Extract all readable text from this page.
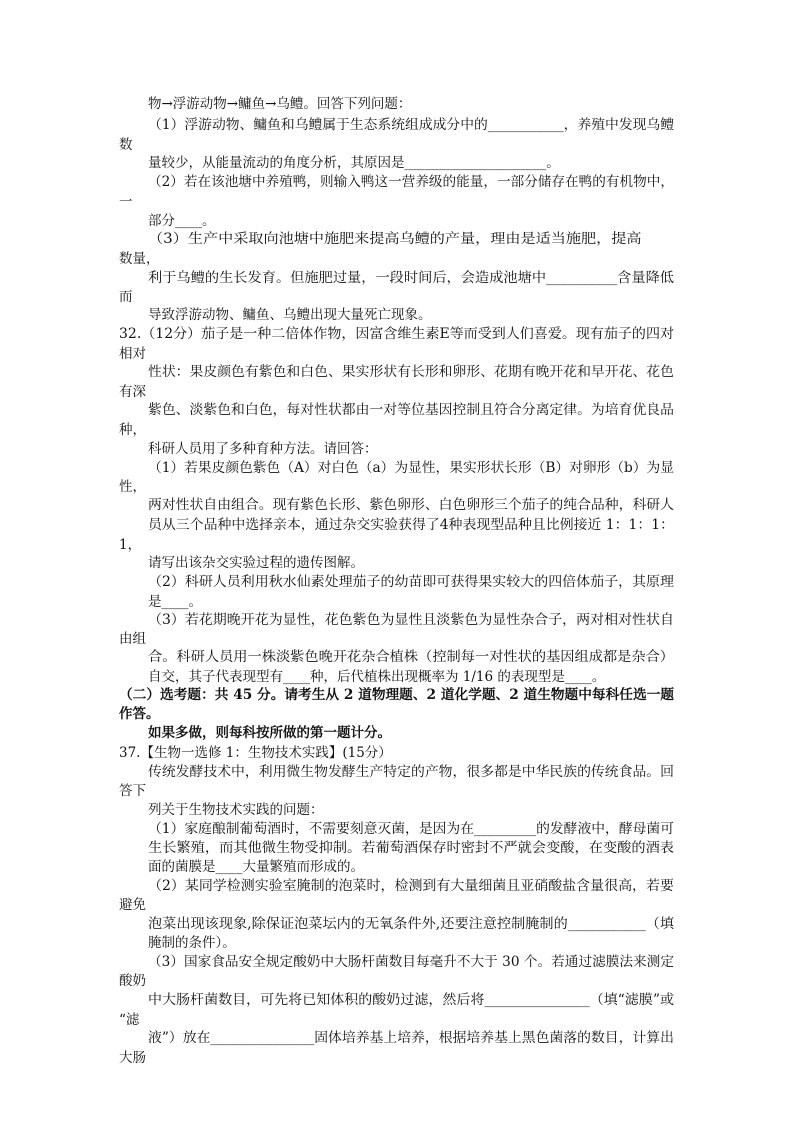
物→浮游动物→鳙鱼→乌鳢。回答下列问题：
（1）浮游动物、鳙鱼和乌鳢属于生态系统组成成分中的___________，养殖中发现乌鳢
数
量较少，从能量流动的角度分析，其原因是_____________________。
（2）若在该池塘中养殖鸭，则输入鸭这一营养级的能量，一部分储存在鸭的有机物中，
一
部分____。
（3）生产中采取向池塘中施肥来提高乌鳢的产量，理由是适当施肥，提高
数量，
利于乌鳢的生长发育。但施肥过量，一段时间后，会造成池塘中__________含量降低
而
导致浮游动物、鳙鱼、乌鳢出现大量死亡现象。
32.（12分）茄子是一种二倍体作物，因富含维生素E等而受到人们喜爱。现有茄子的四对
相对
性状：果皮颜色有紫色和白色、果实形状有长形和卵形、花期有晚开花和早开花、花色
有深
紫色、淡紫色和白色，每对性状都由一对等位基因控制且符合分离定律。为培育优良品
种，
科研人员用了多种育种方法。请回答：
（1）若果皮颜色紫色（A）对白色（a）为显性，果实形状长形（B）对卵形（b）为显
性，
两对性状自由组合。现有紫色长形、紫色卵形、白色卵形三个茄子的纯合品种，科研人
员从三个品种中选择亲本，通过杂交实验获得了4种表现型品种且比例接近 1：1：1：
1，
请写出该杂交实验过程的遗传图解。
（2）科研人员利用秋水仙素处理茄子的幼苗即可获得果实较大的四倍体茄子，其原理
是____。
（3）若花期晚开花为显性，花色紫色为显性且淡紫色为显性杂合子，两对相对性状自
由组
合。科研人员用一株淡紫色晚开花杂合植株（控制每一对性状的基因组成都是杂合）
自交，其子代表现型有____种，后代植株出现概率为 1/16 的表现型是____。
（二）选考题：共 45 分。请考生从 2 道物理题、2 道化学题、2 道生物题中每科任选一题
作答。
如果多做，则每科按所做的第一题计分。
37.【生物一选修 1：生物技术实践】(15分）
传统发酵技术中，利用微生物发酵生产特定的产物，很多都是中华民族的传统食品。回
答下
列关于生物技术实践的问题：
（1）家庭酿制葡萄酒时，不需要刻意灭菌，是因为在_________的发酵液中，酵母菌可
生长繁殖，而其他微生物受抑制。若葡萄酒保存时密封不严就会变酸，在变酸的酒表
面的菌膜是____大量繁殖而形成的。
（2）某同学检测实验室腌制的泡菜时，检测到有大量细菌且亚硝酸盐含量很高，若要
避免
泡菜出现该现象,除保证泡菜坛内的无氧条件外,还要注意控制腌制的___________（填
腌制的条件）。
（3）国家食品安全规定酸奶中大肠杆菌数目每毫升不大于 30 个。若通过滤膜法来测定
酸奶
中大肠杆菌数目，可先将已知体积的酸奶过滤，然后将_______________（填“滤膜”或
“滤
液”）放在_______________固体培养基上培养，根据培养基上黑色菌落的数目，计算出
大肠
